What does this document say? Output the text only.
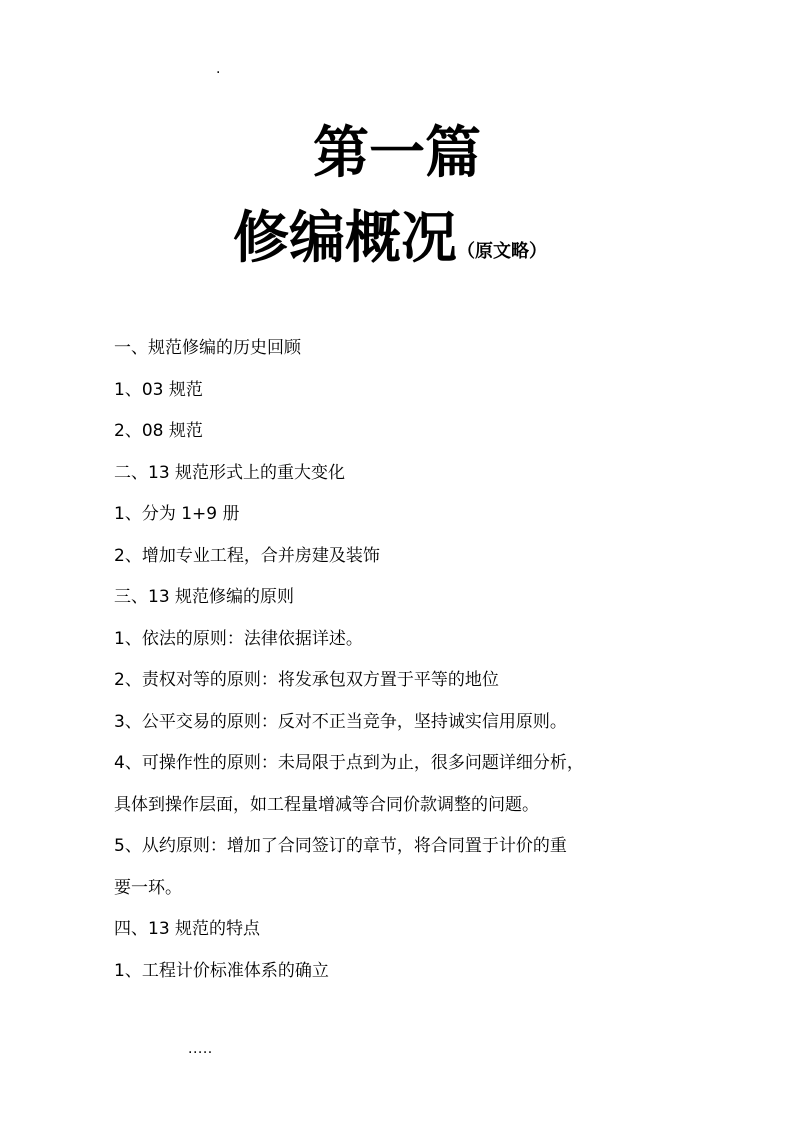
.
第一篇
修编概况（原文略）
一、规范修编的历史回顾
1、03 规范
2、08 规范
二、13 规范形式上的重大变化
1、分为 1+9 册
2、增加专业工程，合并房建及装饰
三、13 规范修编的原则
1、依法的原则：法律依据详述。
2、责权对等的原则：将发承包双方置于平等的地位
3、公平交易的原则：反对不正当竞争，坚持诚实信用原则。
4、可操作性的原则：未局限于点到为止，很多问题详细分析，
具体到操作层面，如工程量增减等合同价款调整的问题。
5、从约原则：增加了合同签订的章节，将合同置于计价的重
要一环。
四、13 规范的特点
1、工程计价标准体系的确立
.....
